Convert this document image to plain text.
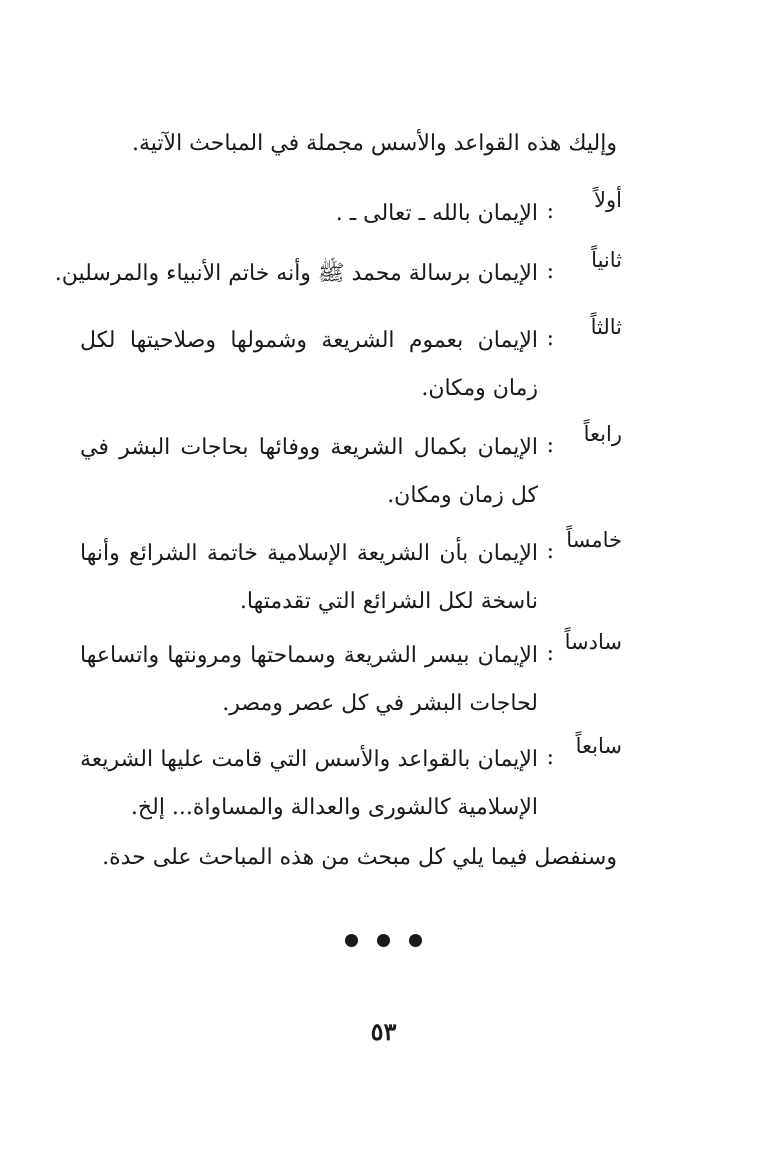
وإليك هذه القواعد والأسس مجملة في المباحث الآتية.
أولاً
:
الإيمان بالله ـ تعالى ـ .
ثانياً
:
الإيمان برسالة محمد ﷺ وأنه خاتم الأنبياء والمرسلين.
ثالثاً
:
الإيمان بعموم الشريعة وشمولها وصلاحيتها لكل زمان ومكان.
رابعاً
:
الإيمان بكمال الشريعة ووفائها بحاجات البشر في كل زمان ومكان.
خامساً
:
الإيمان بأن الشريعة الإسلامية خاتمة الشرائع وأنها ناسخة لكل الشرائع التي تقدمتها.
سادساً
:
الإيمان بيسر الشريعة وسماحتها ومرونتها واتساعها لحاجات البشر في كل عصر ومصر.
سابعاً
:
الإيمان بالقواعد والأسس التي قامت عليها الشريعة الإسلامية كالشورى والعدالة والمساواة... إلخ.
وسنفصل فيما يلي كل مبحث من هذه المباحث على حدة.

٥٣
